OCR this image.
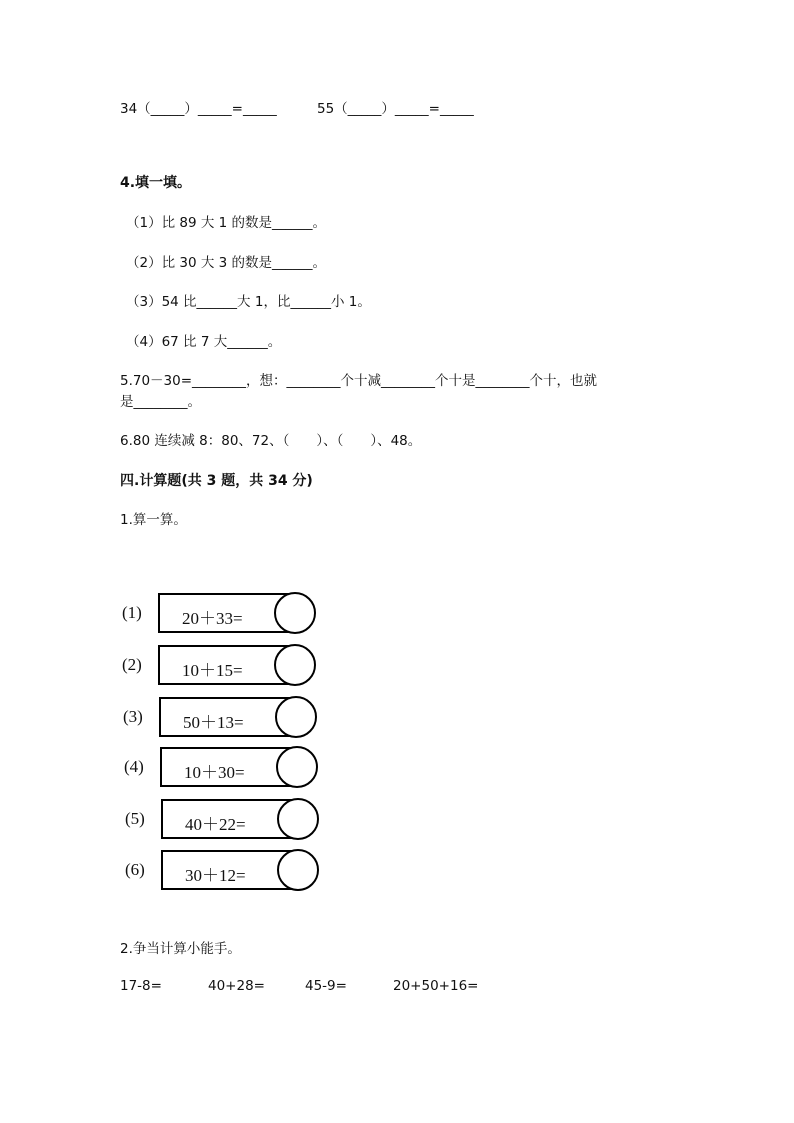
34（_____）_____=_____	55（_____）_____=_____
4.填一填。
（1）比 89 大 1 的数是______。
（2）比 30 大 3 的数是______。
（3）54 比______大 1，比______小 1。
（4）67 比 7 大______。
5.70－30=________，想：________个十减________个十是________个十，也就
是________。
6.80 连续减 8：80、72、（　　）、（　　）、48。
四.计算题(共 3 题，共 34 分)
1.算一算。
(1) 20＋33=
(2) 10＋15=
(3) 50＋13=
(4) 10＋30=
(5) 40＋22=
(6) 30＋12=
2.争当计算小能手。
17-8=	40+28=	45-9=	20+50+16=
